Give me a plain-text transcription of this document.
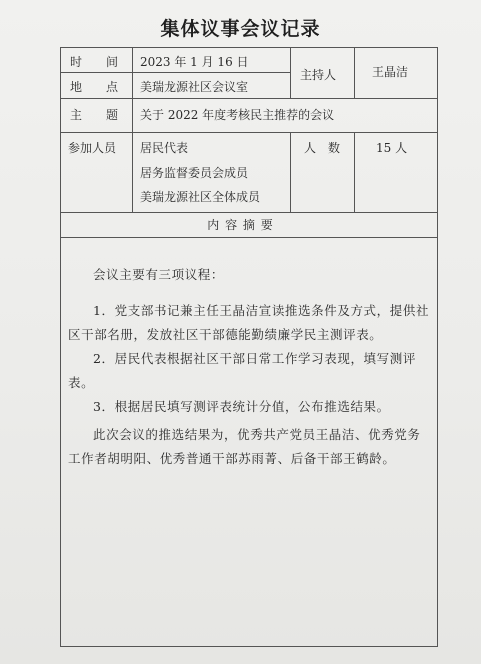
集体议事会议记录
时　　间 2023 年 1 月 16 日
地　　点 美瑞龙源社区会议室
主持人	王晶洁
主　　题 关于 2022 年度考核民主推荐的会议
参加人员 居民代表
居务监督委员会成员
美瑞龙源社区全体成员
人　数	15 人
内 容 摘 要

会议主要有三项议程：

1．党支部书记兼主任王晶洁宣读推选条件及方式，提供社区干部名册，发放社区干部德能勤绩廉学民主测评表。

2．居民代表根据社区干部日常工作学习表现，填写测评表。

3．根据居民填写测评表统计分值，公布推选结果。

此次会议的推选结果为，优秀共产党员王晶洁、优秀党务工作者胡明阳、优秀普通干部苏雨菁、后备干部王鹤龄。
